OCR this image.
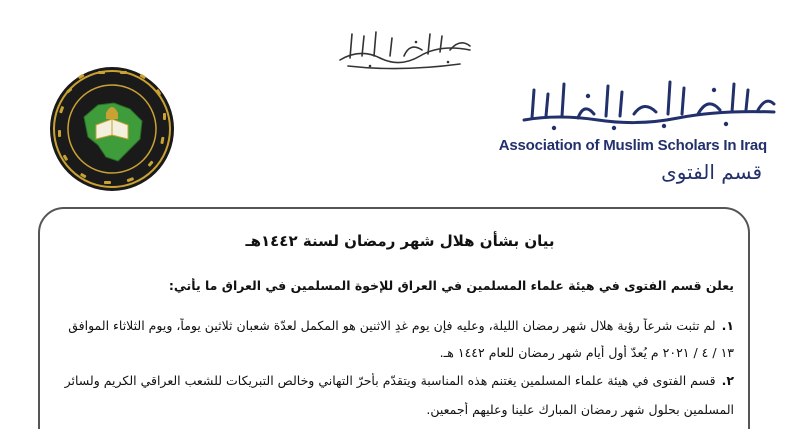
Association of Muslim Scholars In Iraq
قسم الفتوى
بيان بشأن هلال شهر رمضان لسنة ١٤٤٢هـ
يعلن قسم الفتوى في هيئة علماء المسلمين في العراق للإخوة المسلمين في العراق ما يأتي:
١.لم تثبت شرعاً رؤية هلال شهر رمضان الليلة، وعليه فإن يوم غدٍ الاثنين هو المكمل لعدّة شعبان ثلاثين يوماً، ويوم الثلاثاء الموافق
١٣ / ٤ / ٢٠٢١ م يُعدّ أول أيام شهر رمضان للعام ١٤٤٢ هـ.
٢.قسم الفتوى في هيئة علماء المسلمين يغتنم هذه المناسبة ويتقدّم بأحرّ التهاني وخالص التبريكات للشعب العراقي الكريم ولسائر
المسلمين بحلول شهر رمضان المبارك علينا وعليهم أجمعين.
